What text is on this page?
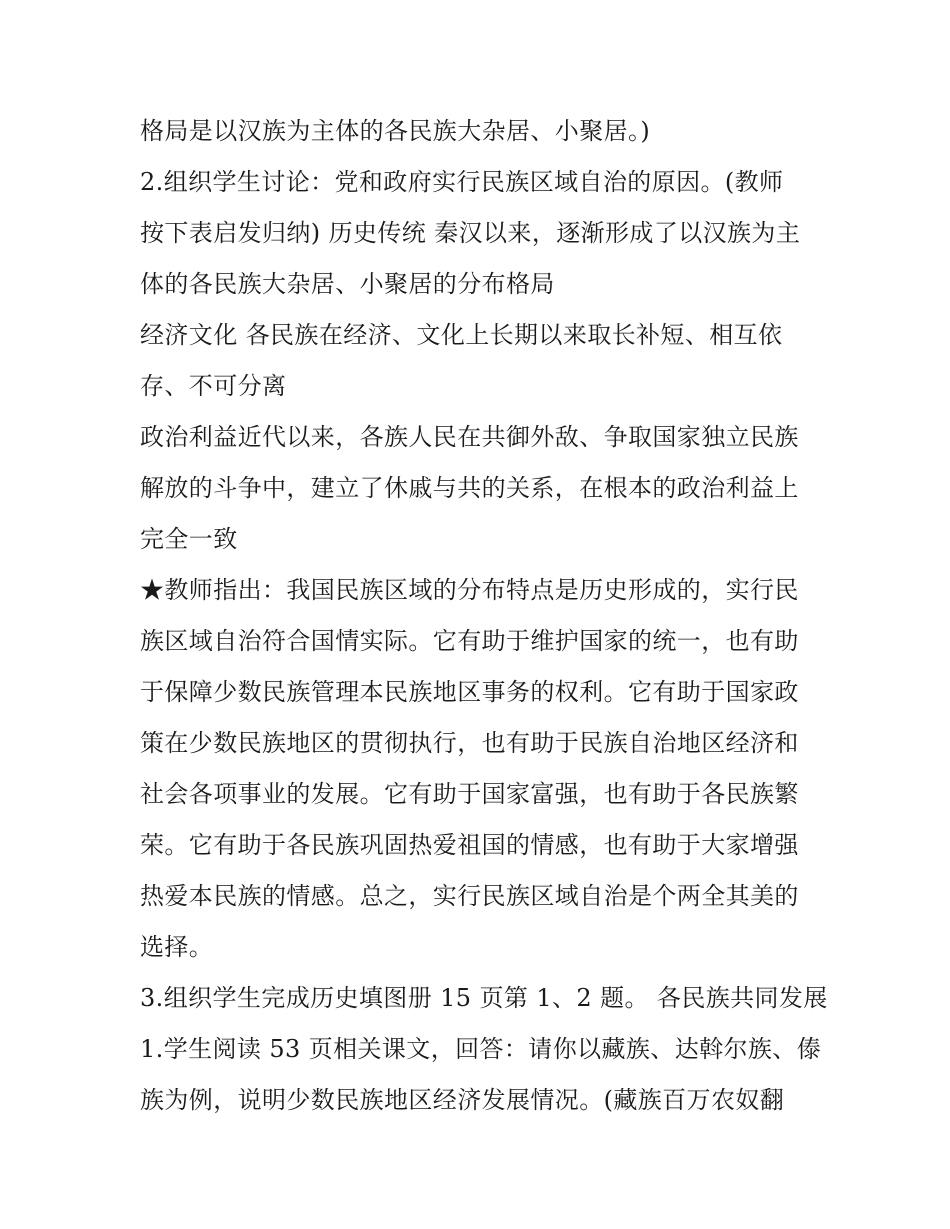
格局是以汉族为主体的各民族大杂居、小聚居。)
2.组织学生讨论：党和政府实行民族区域自治的原因。(教师
按下表启发归纳) 历史传统 秦汉以来，逐渐形成了以汉族为主
体的各民族大杂居、小聚居的分布格局
经济文化 各民族在经济、文化上长期以来取长补短、相互依
存、不可分离
政治利益近代以来，各族人民在共御外敌、争取国家独立民族
解放的斗争中，建立了休戚与共的关系，在根本的政治利益上
完全一致
★教师指出：我国民族区域的分布特点是历史形成的，实行民
族区域自治符合国情实际。它有助于维护国家的统一，也有助
于保障少数民族管理本民族地区事务的权利。它有助于国家政
策在少数民族地区的贯彻执行，也有助于民族自治地区经济和
社会各项事业的发展。它有助于国家富强，也有助于各民族繁
荣。它有助于各民族巩固热爱祖国的情感，也有助于大家增强
热爱本民族的情感。总之，实行民族区域自治是个两全其美的
选择。
3.组织学生完成历史填图册 15 页第 1、2 题。 各民族共同发展
1.学生阅读 53 页相关课文，回答：请你以藏族、达斡尔族、傣
族为例，说明少数民族地区经济发展情况。(藏族百万农奴翻
